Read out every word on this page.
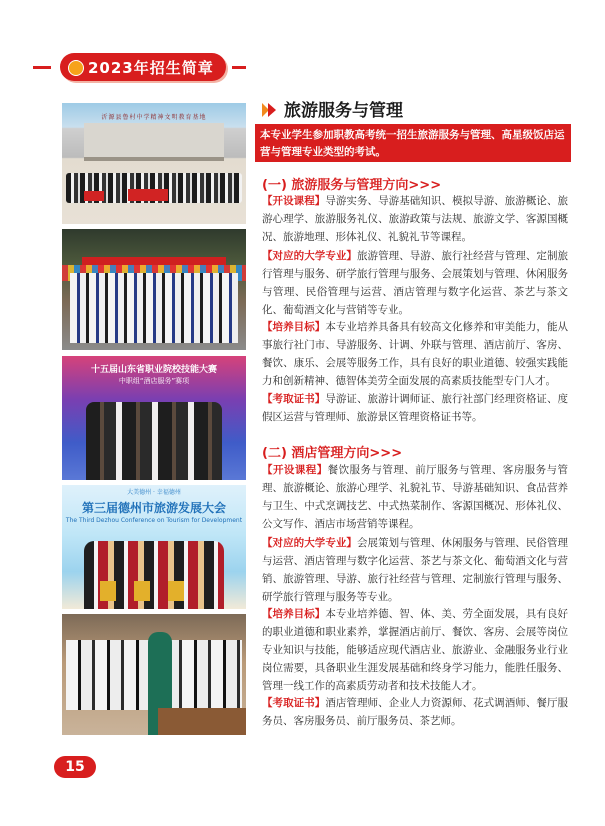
2023年招生简章
沂源县鲁村中学精神文明教育基地
十五届山东省职业院校技能大赛
中职组“酒店服务”赛项
大美德州 · 幸福德州
第三届德州市旅游发展大会
The Third Dezhou Conference on Tourism for Development
旅游服务与管理
本专业学生参加职教高考统一招生旅游服务与管理、高星级饭店运营与管理专业类型的考试。
(一) 旅游服务与管理方向>>>
【开设课程】导游实务、导游基础知识、模拟导游、旅游概论、旅游心理学、旅游服务礼仪、旅游政策与法规、旅游文学、客源国概况、旅游地理、形体礼仪、礼貌礼节等课程。
【对应的大学专业】旅游管理、导游、旅行社经营与管理、定制旅行管理与服务、研学旅行管理与服务、会展策划与管理、休闲服务与管理、民俗管理与运营、酒店管理与数字化运营、茶艺与茶文化、葡萄酒文化与营销等专业。
【培养目标】本专业培养具备具有较高文化修养和审美能力，能从事旅行社门市、导游服务、计调、外联与管理、酒店前厅、客房、餐饮、康乐、会展等服务工作，具有良好的职业道德、较强实践能力和创新精神、德智体美劳全面发展的高素质技能型专门人才。
【考取证书】导游证、旅游计调师证、旅行社部门经理资格证、度假区运营与管理师、旅游景区管理资格证书等。
(二) 酒店管理方向>>>
【开设课程】餐饮服务与管理、前厅服务与管理、客房服务与管理、旅游概论、旅游心理学、礼貌礼节、导游基础知识、食品营养与卫生、中式烹调技艺、中式热菜制作、客源国概况、形体礼仪、公文写作、酒店市场营销等课程。
【对应的大学专业】会展策划与管理、休闲服务与管理、民俗管理与运营、酒店管理与数字化运营、茶艺与茶文化、葡萄酒文化与营销、旅游管理、导游、旅行社经营与管理、定制旅行管理与服务、研学旅行管理与服务等专业。
【培养目标】本专业培养德、智、体、美、劳全面发展，具有良好的职业道德和职业素养，掌握酒店前厅、餐饮、客房、会展等岗位专业知识与技能，能够适应现代酒店业、旅游业、金融服务业行业岗位需要，具备职业生涯发展基础和终身学习能力，能胜任服务、管理一线工作的高素质劳动者和技术技能人才。
【考取证书】酒店管理师、企业人力资源师、花式调酒师、餐厅服务员、客房服务员、前厅服务员、茶艺师。
15
